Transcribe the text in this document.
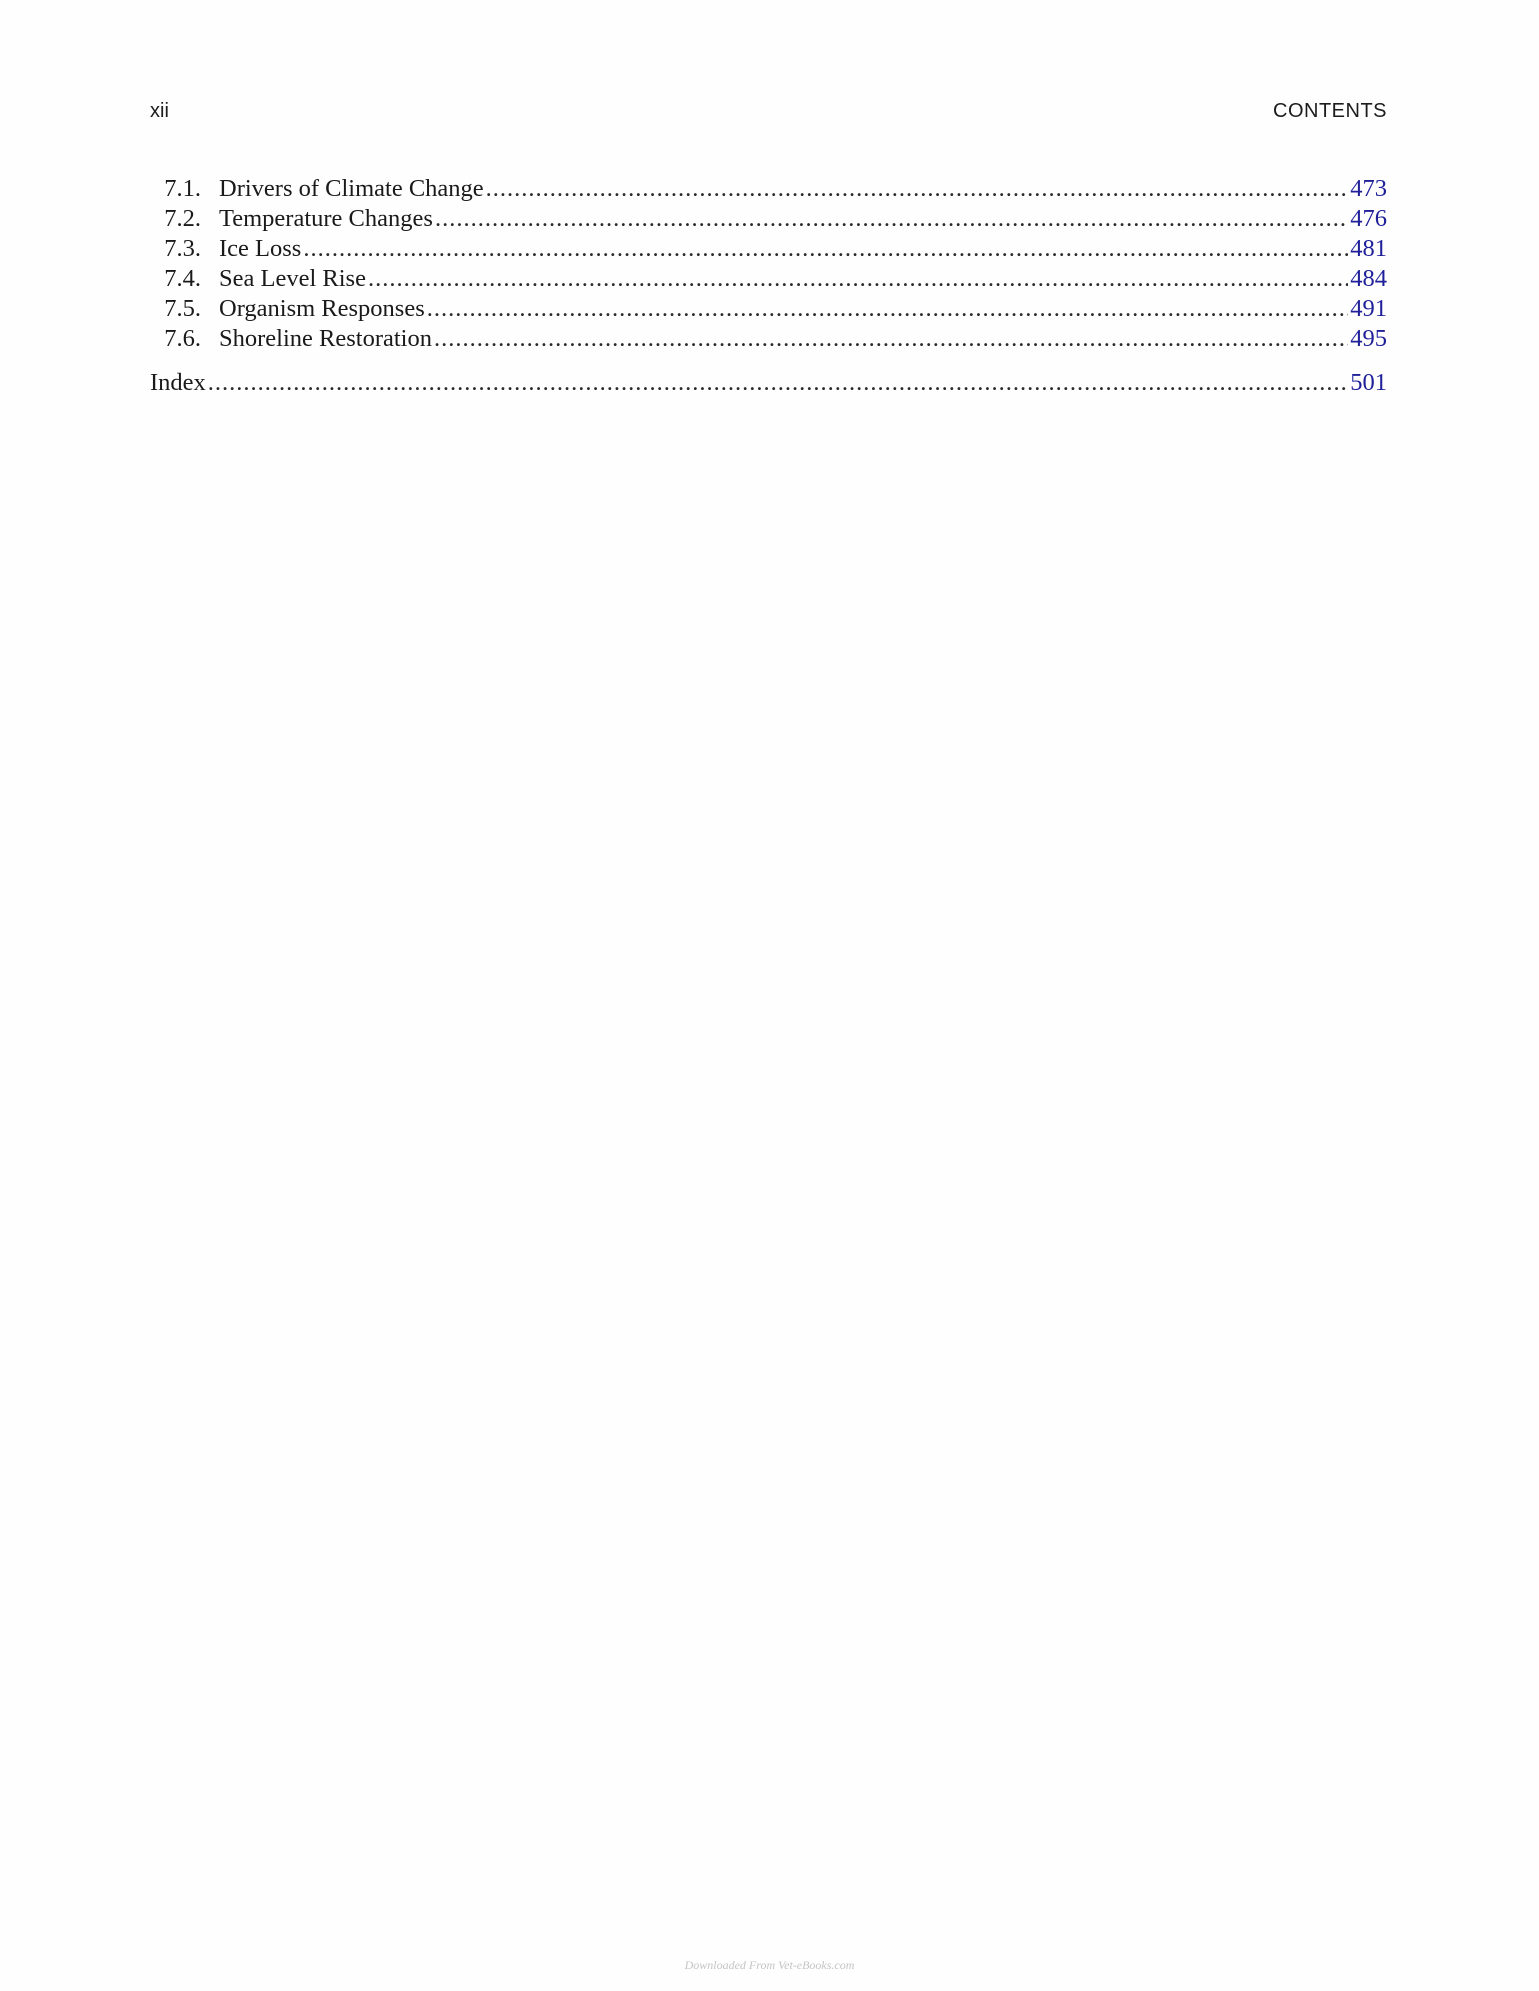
xii	CONTENTS
7.1. Drivers of Climate Change .....	473
7.2. Temperature Changes .....	476
7.3. Ice Loss .....	481
7.4. Sea Level Rise .....	484
7.5. Organism Responses .....	491
7.6. Shoreline Restoration .....	495
Index .....	501
Downloaded From Vet-eBooks.com
